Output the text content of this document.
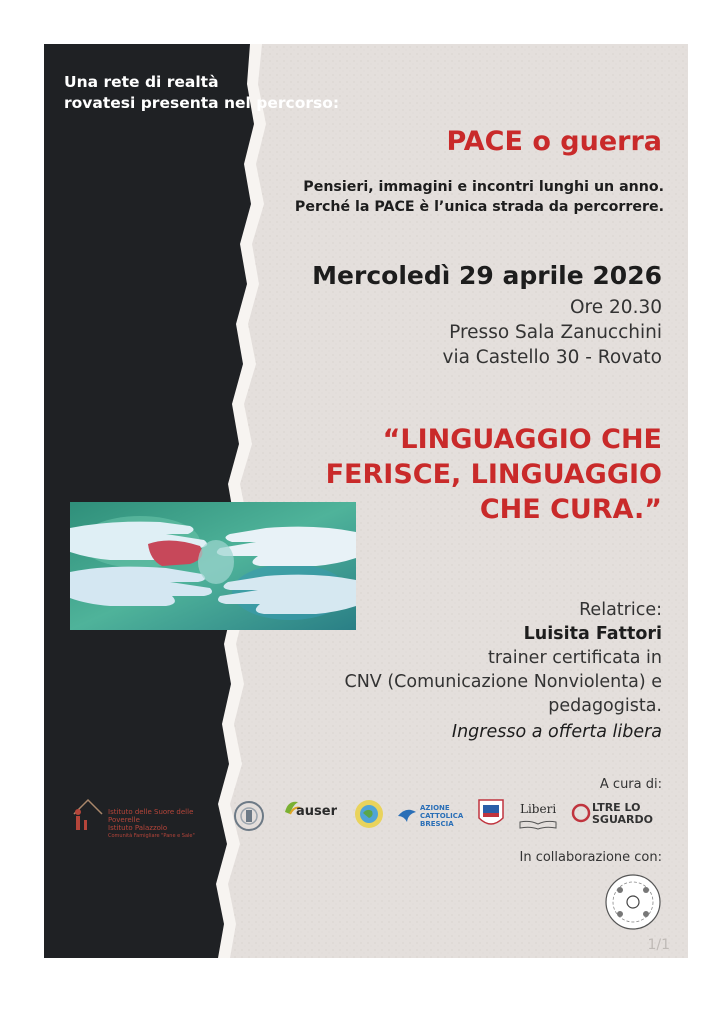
Una rete di realtà
rovatesi presenta nel percorso:
PACE o guerra
Pensieri, immagini e incontri lunghi un anno.
Perché la PACE è l’unica strada da percorrere.
Mercoledì 29 aprile 2026
Ore 20.30
Presso Sala Zanucchini
via Castello 30 - Rovato
“LINGUAGGIO CHE
FERISCE, LINGUAGGIO
CHE CURA.”
Relatrice:
Luisita Fattori
trainer certificata in
CNV (Comunicazione Nonviolenta) e
pedagogista.
Ingresso a offerta libera
A cura di:
Istituto delle Suore delle Poverelle
Istituto Palazzolo
Comunità Famigliare "Pane e Sale"
auser	AZIONE
CATTOLICA
BRESCIA
Liberi	LTRE LO
SGUARDO
In collaborazione con:
1/1
